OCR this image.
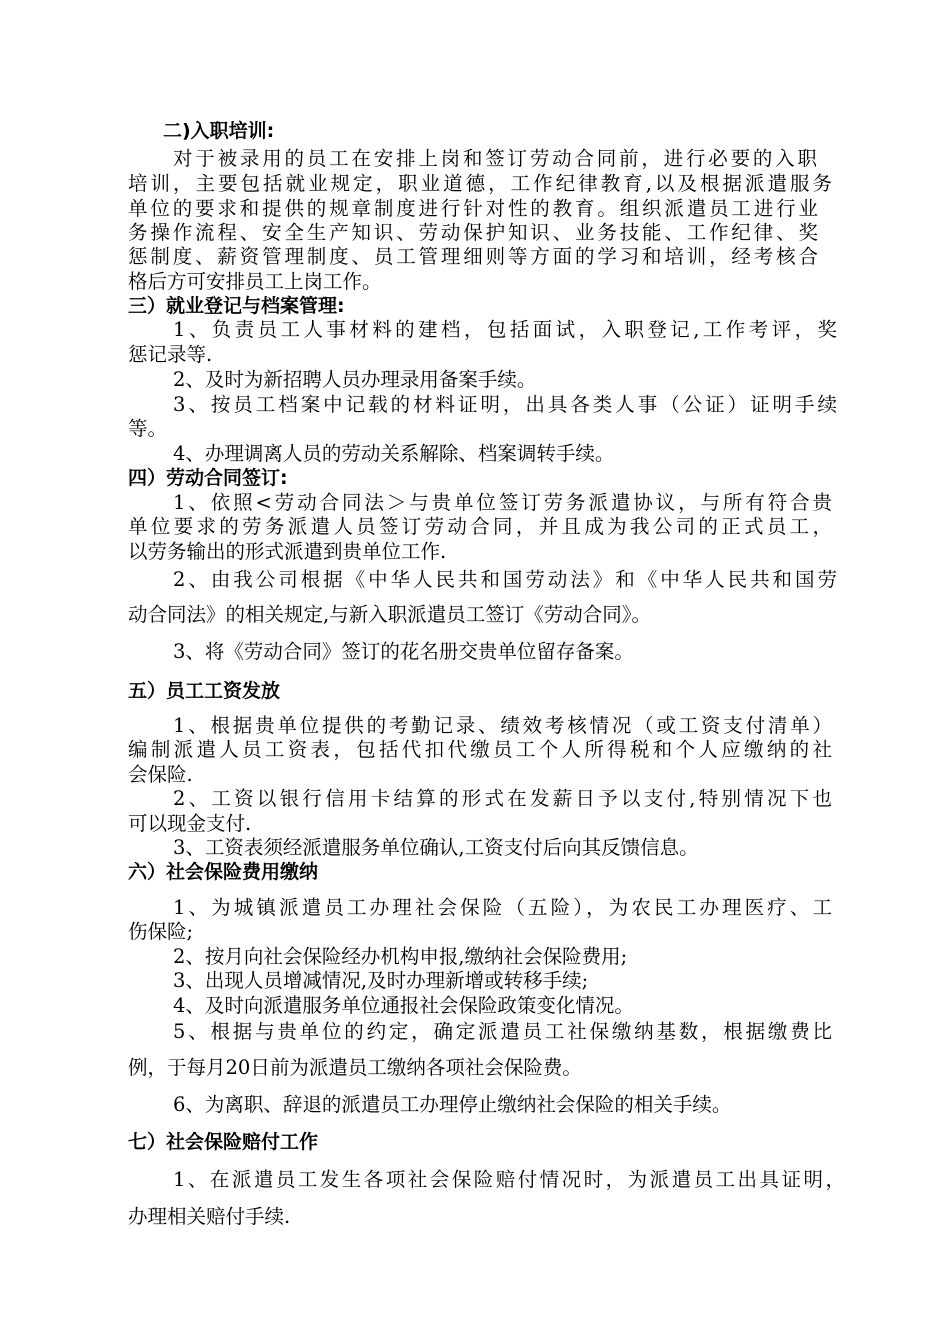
二)入职培训:
对于被录用的员工在安排上岗和签订劳动合同前，进行必要的入职
培训，主要包括就业规定，职业道德，工作纪律教育,以及根据派遣服务
单位的要求和提供的规章制度进行针对性的教育。组织派遣员工进行业
务操作流程、安全生产知识、劳动保护知识、业务技能、工作纪律、奖
惩制度、薪资管理制度、员工管理细则等方面的学习和培训，经考核合
格后方可安排员工上岗工作。
三）就业登记与档案管理:
1、负责员工人事材料的建档，包括面试，入职登记,工作考评，奖
惩记录等.
2、及时为新招聘人员办理录用备案手续。
3、按员工档案中记载的材料证明，出具各类人事（公证）证明手续
等。
4、办理调离人员的劳动关系解除、档案调转手续。
四）劳动合同签订:
1、依照<劳动合同法＞与贵单位签订劳务派遣协议，与所有符合贵
单位要求的劳务派遣人员签订劳动合同，并且成为我公司的正式员工，
以劳务输出的形式派遣到贵单位工作.
2、由我公司根据《中华人民共和国劳动法》和《中华人民共和国劳
动合同法》的相关规定,与新入职派遣员工签订《劳动合同》。
3、将《劳动合同》签订的花名册交贵单位留存备案。
五）员工工资发放
1、根据贵单位提供的考勤记录、绩效考核情况（或工资支付清单）
编制派遣人员工资表，包括代扣代缴员工个人所得税和个人应缴纳的社
会保险.
2、工资以银行信用卡结算的形式在发薪日予以支付,特别情况下也
可以现金支付.
3、工资表须经派遣服务单位确认,工资支付后向其反馈信息。
六）社会保险费用缴纳
1、为城镇派遣员工办理社会保险（五险），为农民工办理医疗、工
伤保险;
2、按月向社会保险经办机构申报,缴纳社会保险费用;
3、出现人员增减情况,及时办理新增或转移手续;
4、及时向派遣服务单位通报社会保险政策变化情况。
5、根据与贵单位的约定，确定派遣员工社保缴纳基数，根据缴费比
例，于每月20日前为派遣员工缴纳各项社会保险费。
6、为离职、辞退的派遣员工办理停止缴纳社会保险的相关手续。
七）社会保险赔付工作
1、在派遣员工发生各项社会保险赔付情况时，为派遣员工出具证明，
办理相关赔付手续.
